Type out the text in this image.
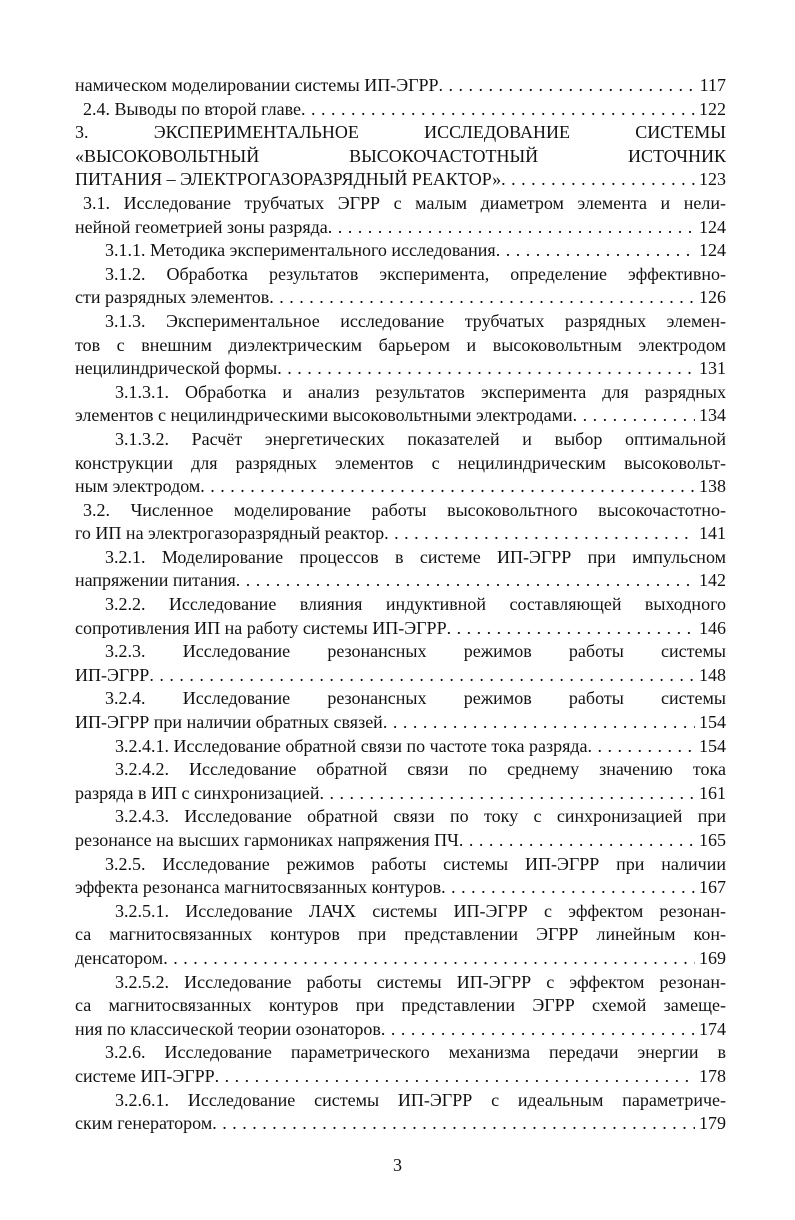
намическом моделировании системы ИП-ЭГРР . . .	117
2.4. Выводы по второй главе . . .	122

3. ЭКСПЕРИМЕНТАЛЬНОЕ ИССЛЕДОВАНИЕ СИСТЕМЫ

«ВЫСОКОВОЛЬТНЫЙ ВЫСОКОЧАСТОТНЫЙ ИСТОЧНИК

ПИТАНИЯ – ЭЛЕКТРОГАЗОРАЗРЯДНЫЙ РЕАКТОР» . . .	123

3.1. Исследование трубчатых ЭГРР с малым диаметром элемента и нели-

нейной геометрией зоны разряда . . .	124
3.1.1. Методика экспериментального исследования . . .	124

3.1.2. Обработка результатов эксперимента, определение эффективно-

сти разрядных элементов . . .	126

3.1.3. Экспериментальное исследование трубчатых разрядных элемен-

тов с внешним диэлектрическим барьером и высоковольтным электродом

нецилиндрической формы . . .	131

3.1.3.1. Обработка и анализ результатов эксперимента для разрядных

элементов с нецилиндрическими высоковольтными электродами . . .	134

3.1.3.2. Расчёт энергетических показателей и выбор оптимальной

конструкции для разрядных элементов с нецилиндрическим высоковольт-

ным электродом . . .	138

3.2. Численное моделирование работы высоковольтного высокочастотно-

го ИП на электрогазоразрядный реактор . . .	141

3.2.1. Моделирование процессов в системе ИП-ЭГРР при импульсном

напряжении питания . . .	142

3.2.2. Исследование влияния индуктивной составляющей выходного

сопротивления ИП на работу системы ИП-ЭГРР . . .	146

3.2.3. Исследование резонансных режимов работы системы

ИП-ЭГРР . . .	148

3.2.4. Исследование резонансных режимов работы системы

ИП-ЭГРР при наличии обратных связей . . .	154
3.2.4.1. Исследование обратной связи по частоте тока разряда . . .	154

3.2.4.2. Исследование обратной связи по среднему значению тока

разряда в ИП с синхронизацией . . .	161

3.2.4.3. Исследование обратной связи по току с синхронизацией при

резонансе на высших гармониках напряжения ПЧ . . .	165

3.2.5. Исследование режимов работы системы ИП-ЭГРР при наличии

эффекта резонанса магнитосвязанных контуров . . .	167

3.2.5.1. Исследование ЛАЧХ системы ИП-ЭГРР с эффектом резонан-

са магнитосвязанных контуров при представлении ЭГРР линейным кон-

денсатором . . .	169

3.2.5.2. Исследование работы системы ИП-ЭГРР с эффектом резонан-

са магнитосвязанных контуров при представлении ЭГРР схемой замеще-

ния по классической теории озонаторов . . .	174

3.2.6. Исследование параметрического механизма передачи энергии в

системе ИП-ЭГРР . . .	178

3.2.6.1. Исследование системы ИП-ЭГРР с идеальным параметриче-

ским генератором . . .	179
3
